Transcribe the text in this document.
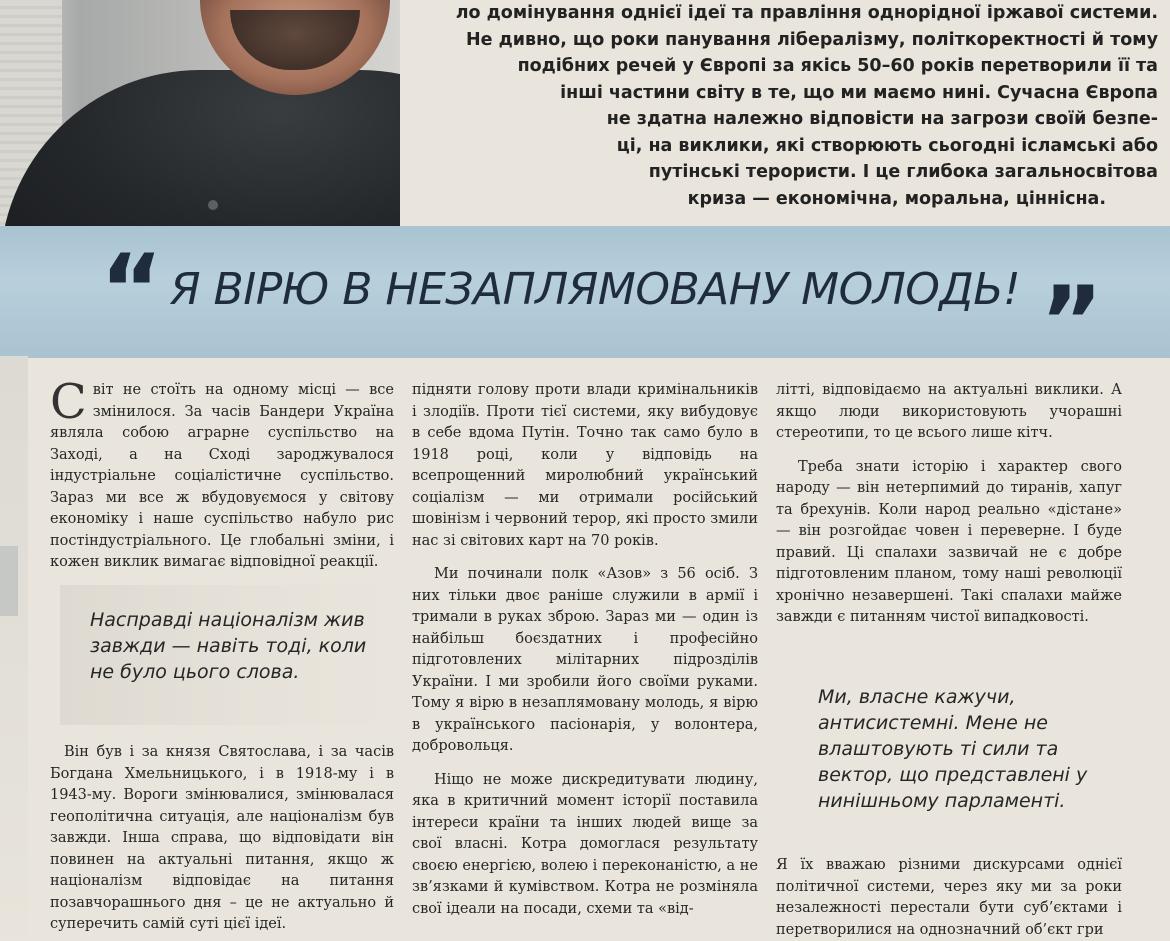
ло домінування однієї ідеї та правління однорідної іржавої системи.
Не дивно, що роки панування лібералізму, політкоректності й тому
подібних речей у Європі за якісь 50–60 років перетворили її та
інші частини світу в те, що ми маємо нині. Сучасна Європа
не здатна належно відповісти на загрози своїй безпе-
ці, на виклики, які створюють сьогодні ісламські або
путінські терористи. І це глибока загальносвітова
криза — економічна, моральна, ціннісна.
“ Я ВІРЮ В НЕЗАПЛЯМОВАНУ МОЛОДЬ! ”

Світ не стоїть на одному місці — все змінилося. За часів Бандери Україна являла собою аграрне суспільство на Заході, а на Сході зароджувалося індустріальне соціалістичне суспільство. Зараз ми все ж вбудовуємося у світову економіку і наше суспільство набуло рис постіндустріального. Це глобальні зміни, і кожен виклик вимагає відповідної реакції.

Насправді націоналізм жив завжди — навіть тоді, коли не було цього слова.

Він був і за князя Святослава, і за часів Богдана Хмельницького, і в 1918-му і в 1943-му. Вороги змінювалися, змінювалася геополітична ситуація, але націоналізм був завжди. Інша справа, що відповідати він повинен на актуальні питання, якщо ж націоналізм відповідає на питання позавчорашнього дня – це не актуально й суперечить самій суті цієї ідеї.

підняти голову проти влади кримінальників і злодіїв. Проти тієї системи, яку вибудовує в себе вдома Путін. Точно так само було в 1918 році, коли у відповідь на всепрощенний миролюбний український соціалізм — ми отримали російський шовінізм і червоний терор, які просто змили нас зі світових карт на 70 років.

Ми починали полк «Азов» з 56 осіб. З них тільки двоє раніше служили в армії і тримали в руках зброю. Зараз ми — один із найбільш боєздатних і професійно підготовлених мілітарних підрозділів України. І ми зробили його своїми руками. Тому я вірю в незаплямовану молодь, я вірю в українського пасіонарія, у волонтера, добровольця.

Ніщо не може дискредитувати людину, яка в критичний момент історії поставила інтереси країни та інших людей вище за свої власні. Котра домоглася результату своєю енергією, волею і переконаністю, а не зв’язками й кумівством. Котра не розміняла свої ідеали на посади, схеми та «від-

літті, відповідаємо на актуальні виклики. А якщо люди використовують учорашні стереотипи, то це всього лише кітч.

Треба знати історію і характер свого народу — він нетерпимий до тиранів, хапуг та брехунів. Коли народ реально «дістане» — він розгойдає човен і переверне. І буде правий. Ці спалахи зазвичай не є добре підготовленим планом, тому наші революції хронічно незавершені. Такі спалахи майже завжди є питанням чистої випадковості.

Ми, власне кажучи, антисистемні. Мене не влаштовують ті сили та вектор, що представлені у нинішньому парламенті.

Я їх вважаю різними дискурсами однієї політичної системи, через яку ми за роки незалежності перестали бути суб’єктами і перетворилися на однозначний об’єкт гри
